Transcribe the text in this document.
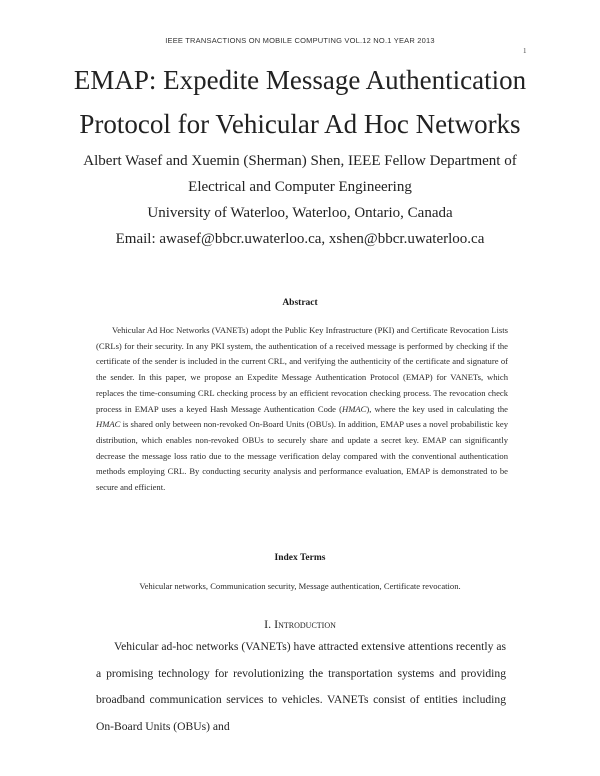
IEEE TRANSACTIONS ON MOBILE COMPUTING VOL.12 NO.1 YEAR 2013
1
EMAP: Expedite Message Authentication
Protocol for Vehicular Ad Hoc Networks
Albert Wasef and Xuemin (Sherman) Shen, IEEE Fellow Department of
Electrical and Computer Engineering
University of Waterloo, Waterloo, Ontario, Canada
Email: awasef@bbcr.uwaterloo.ca, xshen@bbcr.uwaterloo.ca
Abstract
Vehicular Ad Hoc Networks (VANETs) adopt the Public Key Infrastructure (PKI) and Certificate Revocation Lists (CRLs) for their security. In any PKI system, the authentication of a received message is performed by checking if the certificate of the sender is included in the current CRL, and verifying the authenticity of the certificate and signature of the sender. In this paper, we propose an Expedite Message Authentication Protocol (EMAP) for VANETs, which replaces the time-consuming CRL checking process by an efficient revocation checking process. The revocation check process in EMAP uses a keyed Hash Message Authentication Code (HMAC), where the key used in calculating the HMAC is shared only between non-revoked On-Board Units (OBUs). In addition, EMAP uses a novel probabilistic key distribution, which enables non-revoked OBUs to securely share and update a secret key. EMAP can significantly decrease the message loss ratio due to the message verification delay compared with the conventional authentication methods employing CRL. By conducting security analysis and performance evaluation, EMAP is demonstrated to be secure and efficient.
Index Terms
Vehicular networks, Communication security, Message authentication, Certificate revocation.
I. Introduction
Vehicular ad-hoc networks (VANETs) have attracted extensive attentions recently as a promising technology for revolutionizing the transportation systems and providing broadband communication services to vehicles. VANETs consist of entities including On-Board Units (OBUs) and
